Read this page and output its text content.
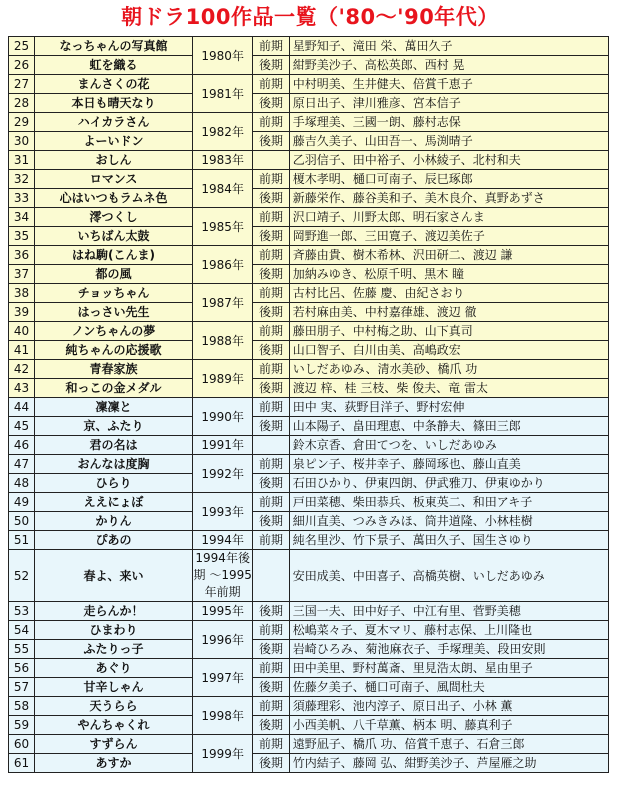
朝ドラ100作品一覧（'80〜'90年代）
25	なっちゃんの写真館	1980年	前期	星野知子、滝田 栄、萬田久子
26	虹を織る		後期	紺野美沙子、高松英郎、西村 晃
27	まんさくの花	1981年	前期	中村明美、生井健夫、倍賞千恵子
28	本日も晴天なり		後期	原日出子、津川雅彦、宮本信子
29	ハイカラさん	1982年	前期	手塚理美、三國一朗、藤村志保
30	よーいドン		後期	藤吉久美子、山田吾一、馬渕晴子
31	おしん	1983年		乙羽信子、田中裕子、小林綾子、北村和夫
32	ロマンス	1984年	前期	榎木孝明、樋口可南子、辰巳琢郎
33	心はいつもラムネ色		後期	新藤栄作、藤谷美和子、美木良介、真野あずさ
34	澪つくし	1985年	前期	沢口靖子、川野太郎、明石家さんま
35	いちばん太鼓		後期	岡野進一郎、三田寛子、渡辺美佐子
36	はね駒(こんま)	1986年	前期	斉藤由貴、樹木希林、沢田研二、渡辺 謙
37	都の風		後期	加納みゆき、松原千明、黒木 瞳
38	チョッちゃん	1987年	前期	古村比呂、佐藤 慶、由紀さおり
39	はっさい先生		後期	若村麻由美、中村嘉葎雄、渡辺 徹
40	ノンちゃんの夢	1988年	前期	藤田朋子、中村梅之助、山下真司
41	純ちゃんの応援歌		後期	山口智子、白川由美、高嶋政宏
42	青春家族	1989年	前期	いしだあゆみ、清水美砂、橋爪 功
43	和っこの金メダル		後期	渡辺 梓、桂 三枝、柴 俊夫、竜 雷太
44	凜凜と	1990年	前期	田中 実、荻野目洋子、野村宏伸
45	京、ふたり		後期	山本陽子、畠田理恵、中条静夫、篠田三郎
46	君の名は	1991年		鈴木京香、倉田てつを、いしだあゆみ
47	おんなは度胸	1992年	前期	泉ピン子、桜井幸子、藤岡琢也、藤山直美
48	ひらり		後期	石田ひかり、伊東四朗、伊武雅刀、伊東ゆかり
49	ええにょぼ	1993年	前期	戸田菜穂、柴田恭兵、板東英二、和田アキ子
50	かりん		後期	細川直美、つみきみほ、筒井道隆、小林桂樹
51	ぴあの	1994年	前期	純名里沙、竹下景子、萬田久子、国生さゆり
52	春よ、来い	1994年後期 〜1995年前期		安田成美、中田喜子、高橋英樹、いしだあゆみ
53	走らんか！	1995年	後期	三国一夫、田中好子、中江有里、菅野美穂
54	ひまわり	1996年	前期	松嶋菜々子、夏木マリ、藤村志保、上川隆也
55	ふたりっ子		後期	岩崎ひろみ、菊池麻衣子、手塚理美、段田安則
56	あぐり	1997年	前期	田中美里、野村萬斎、里見浩太朗、星由里子
57	甘辛しゃん		後期	佐藤夕美子、樋口可南子、風間杜夫
58	天うらら	1998年	前期	須藤理彩、池内淳子、原日出子、小林 薫
59	やんちゃくれ		後期	小西美帆、八千草薫、柄本 明、藤真利子
60	すずらん	1999年	前期	遠野凪子、橋爪 功、倍賞千恵子、石倉三郎
61	あすか		後期	竹内結子、藤岡 弘、紺野美沙子、芦屋雁之助
